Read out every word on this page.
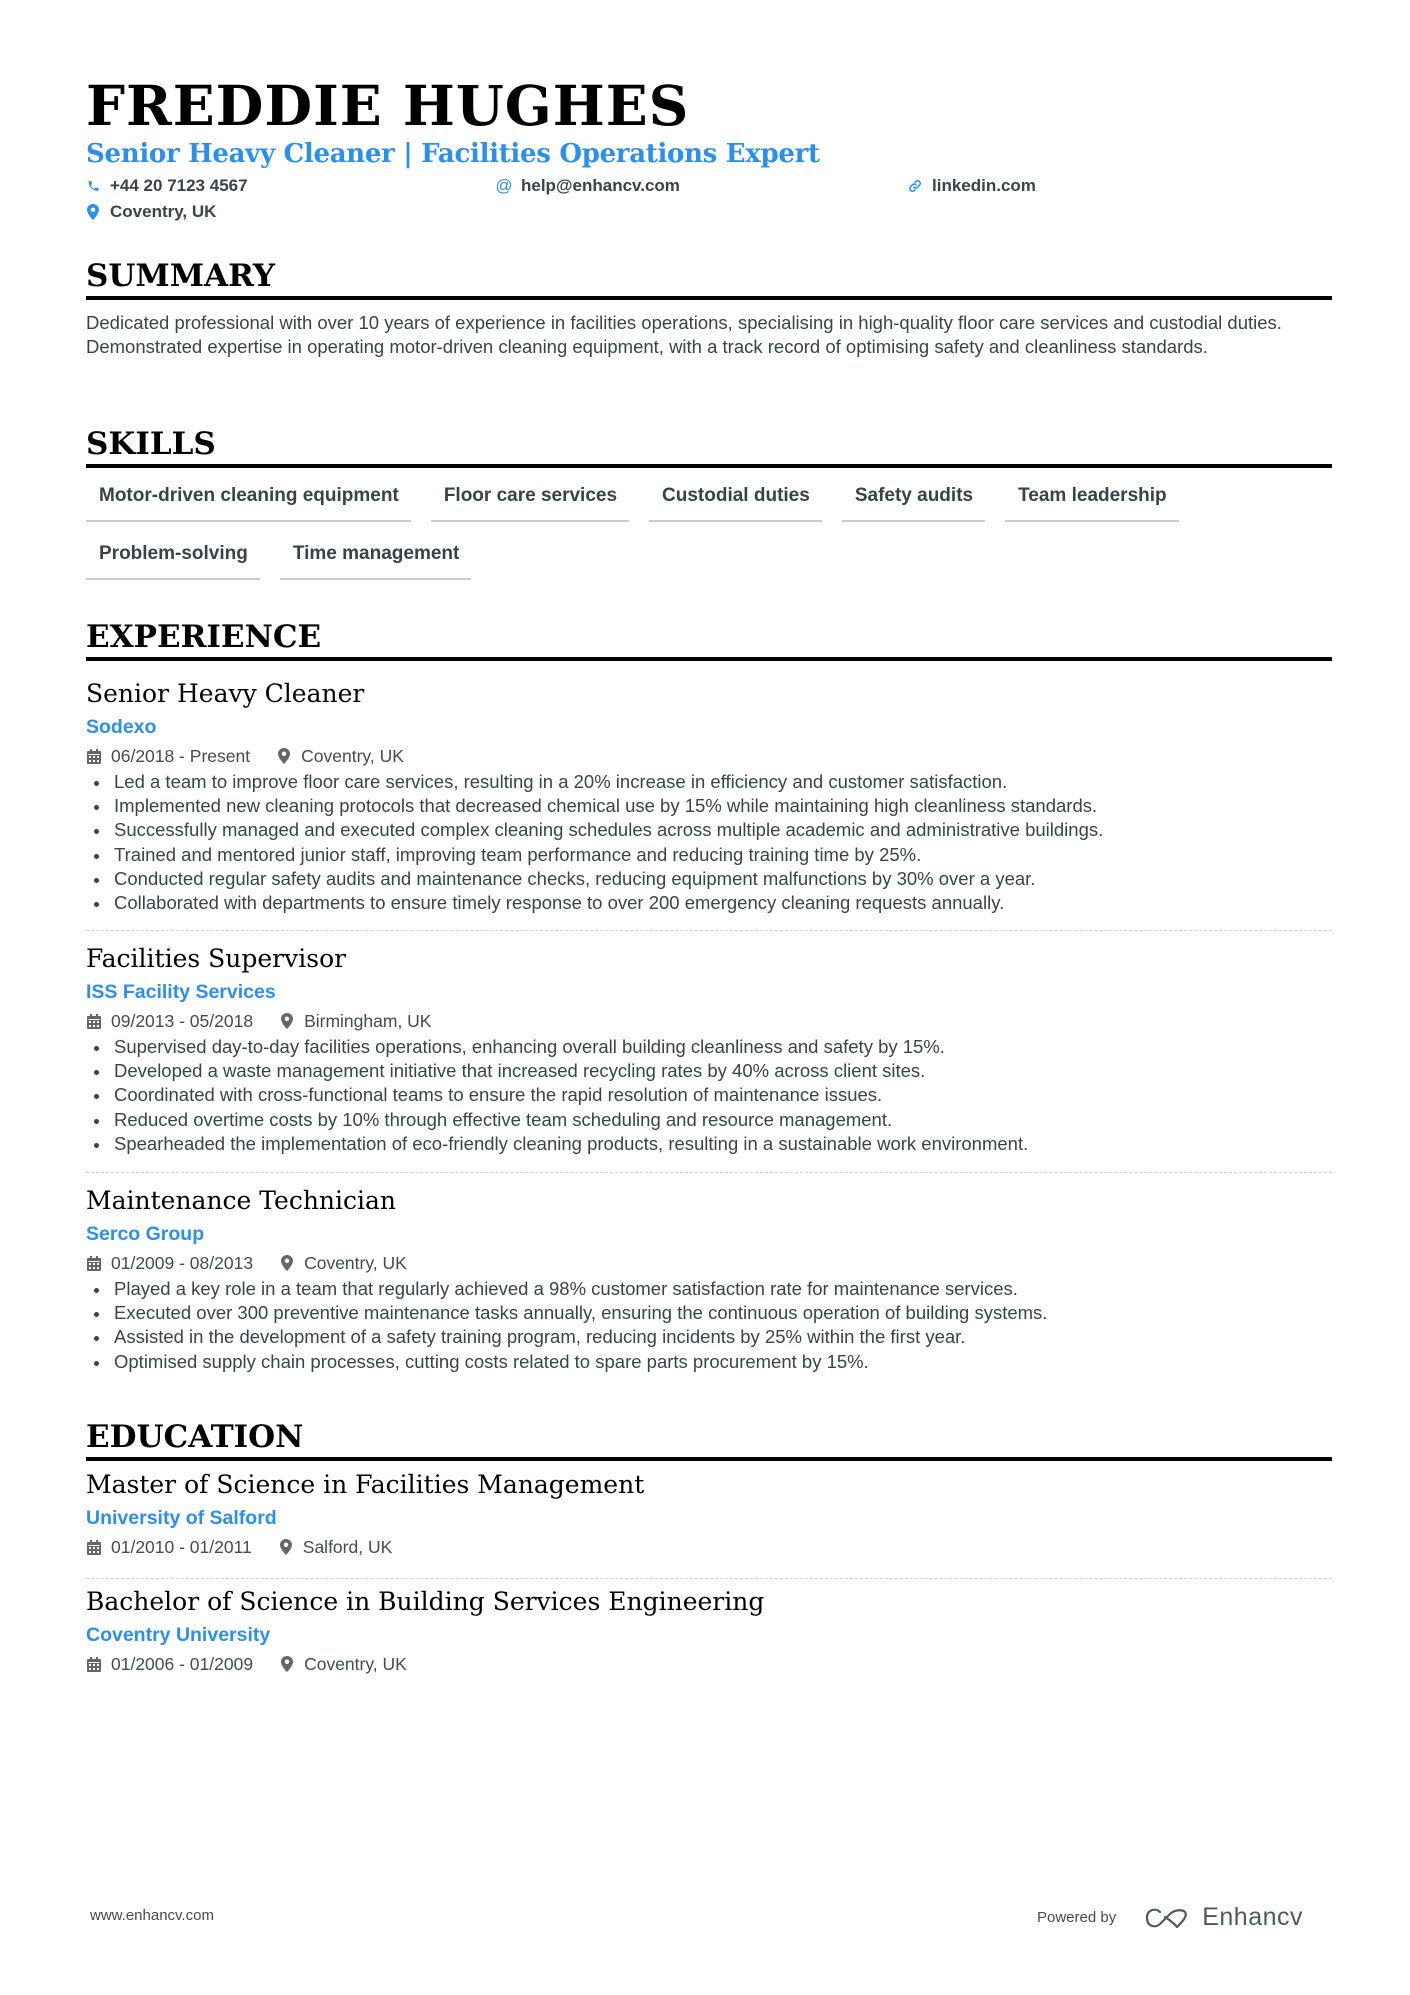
FREDDIE HUGHES
Senior Heavy Cleaner | Facilities Operations Expert
+44 20 7123 4567	@ help@enhancv.com	linkedin.com
Coventry, UK
SUMMARY
Dedicated professional with over 10 years of experience in facilities operations, specialising in high-quality floor care services and custodial duties. Demonstrated expertise in operating motor-driven cleaning equipment, with a track record of optimising safety and cleanliness standards.
SKILLS
Motor-driven cleaning equipment	Floor care services	Custodial duties	Safety audits	Team leadership
Problem-solving	Time management
EXPERIENCE
Senior Heavy Cleaner
Sodexo
06/2018 - Present	Coventry, UK
Led a team to improve floor care services, resulting in a 20% increase in efficiency and customer satisfaction.
Implemented new cleaning protocols that decreased chemical use by 15% while maintaining high cleanliness standards.
Successfully managed and executed complex cleaning schedules across multiple academic and administrative buildings.
Trained and mentored junior staff, improving team performance and reducing training time by 25%.
Conducted regular safety audits and maintenance checks, reducing equipment malfunctions by 30% over a year.
Collaborated with departments to ensure timely response to over 200 emergency cleaning requests annually.
Facilities Supervisor
ISS Facility Services
09/2013 - 05/2018	Birmingham, UK
Supervised day-to-day facilities operations, enhancing overall building cleanliness and safety by 15%.
Developed a waste management initiative that increased recycling rates by 40% across client sites.
Coordinated with cross-functional teams to ensure the rapid resolution of maintenance issues.
Reduced overtime costs by 10% through effective team scheduling and resource management.
Spearheaded the implementation of eco-friendly cleaning products, resulting in a sustainable work environment.
Maintenance Technician
Serco Group
01/2009 - 08/2013	Coventry, UK
Played a key role in a team that regularly achieved a 98% customer satisfaction rate for maintenance services.
Executed over 300 preventive maintenance tasks annually, ensuring the continuous operation of building systems.
Assisted in the development of a safety training program, reducing incidents by 25% within the first year.
Optimised supply chain processes, cutting costs related to spare parts procurement by 15%.
EDUCATION
Master of Science in Facilities Management
University of Salford
01/2010 - 01/2011	Salford, UK
Bachelor of Science in Building Services Engineering
Coventry University
01/2006 - 01/2009	Coventry, UK
www.enhancv.com	Powered by	Enhancv
